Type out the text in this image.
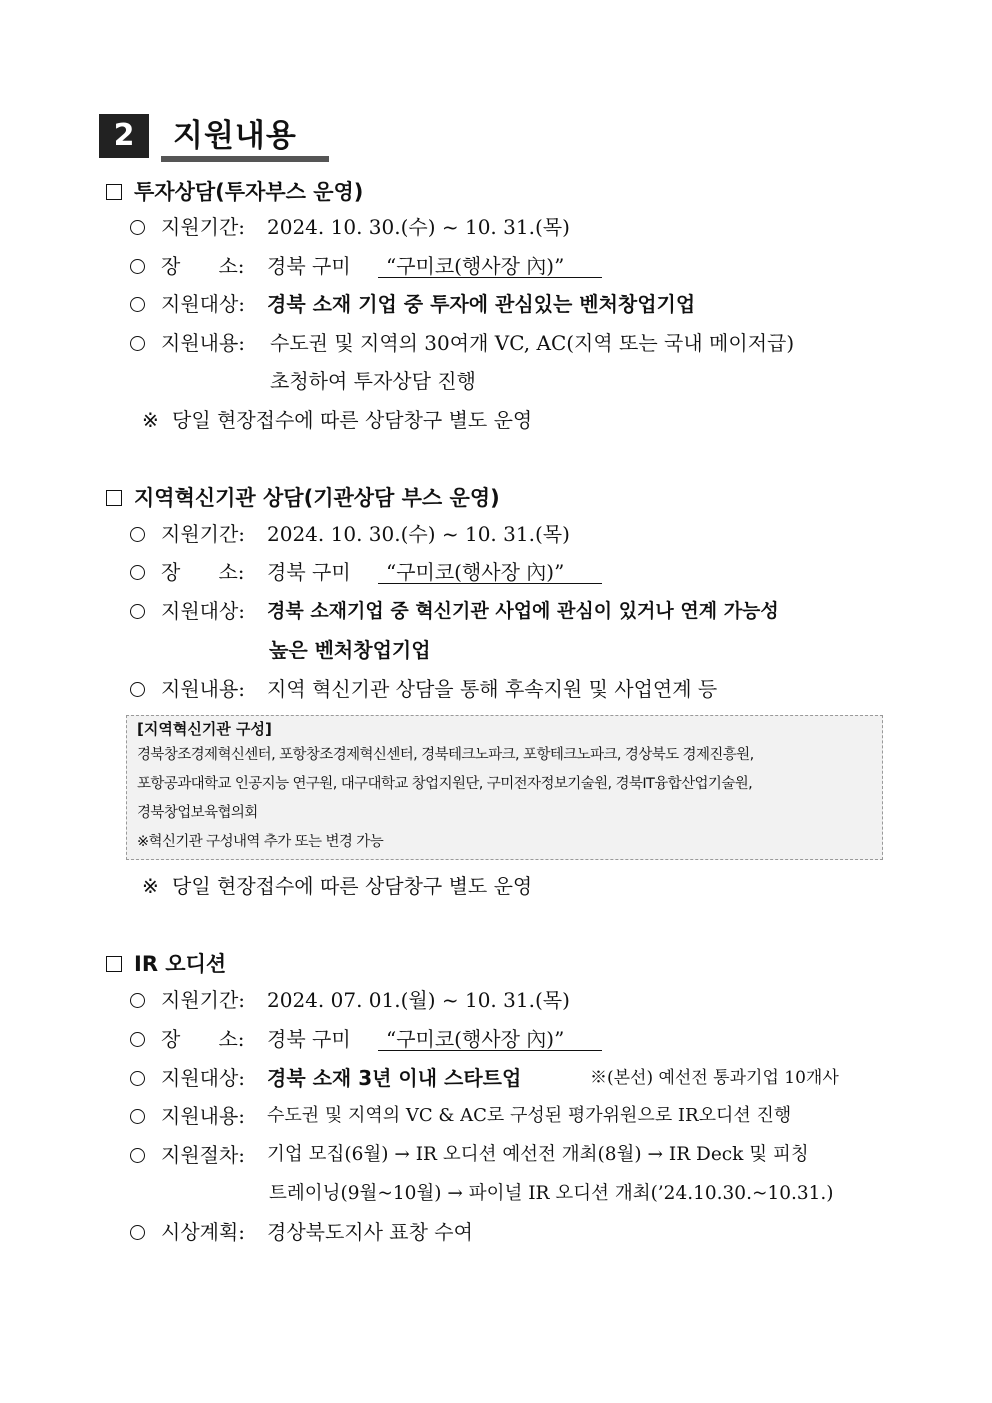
2	지원내용
투자상담(투자부스 운영)
지원기간: 2024. 10. 30.(수) ~ 10. 31.(목)
장      소: 경북 구미	“구미코(행사장 內)”
지원대상: 경북 소재 기업 중 투자에 관심있는 벤처창업기업
지원내용: 수도권 및 지역의 30여개 VC, AC(지역 또는 국내 메이저급)
초청하여 투자상담 진행
※ 당일 현장접수에 따른 상담창구 별도 운영
지역혁신기관 상담(기관상담 부스 운영)
지원기간: 2024. 10. 30.(수) ~ 10. 31.(목)
장      소: 경북 구미	“구미코(행사장 內)”
지원대상: 경북 소재기업 중 혁신기관 사업에 관심이 있거나 연계 가능성
높은 벤처창업기업
지원내용: 지역 혁신기관 상담을 통해 후속지원 및 사업연계 등
[지역혁신기관 구성]
경북창조경제혁신센터, 포항창조경제혁신센터, 경북테크노파크, 포항테크노파크, 경상북도 경제진흥원,
포항공과대학교 인공지능 연구원, 대구대학교 창업지원단, 구미전자정보기술원, 경북IT융합산업기술원,
경북창업보육협의회
※혁신기관 구성내역 추가 또는 변경 가능
※ 당일 현장접수에 따른 상담창구 별도 운영
IR 오디션
지원기간: 2024. 07. 01.(월) ~ 10. 31.(목)
장      소: 경북 구미	“구미코(행사장 內)”
지원대상: 경북 소재 3년 이내 스타트업	※(본선) 예선전 통과기업 10개사
지원내용: 수도권 및 지역의 VC & AC로 구성된 평가위원으로 IR오디션 진행
지원절차: 기업 모집(6월) → IR 오디션 예선전 개최(8월) → IR Deck 및 피칭
트레이닝(9월~10월) → 파이널 IR 오디션 개최(’24.10.30.~10.31.)
시상계획: 경상북도지사 표창 수여
